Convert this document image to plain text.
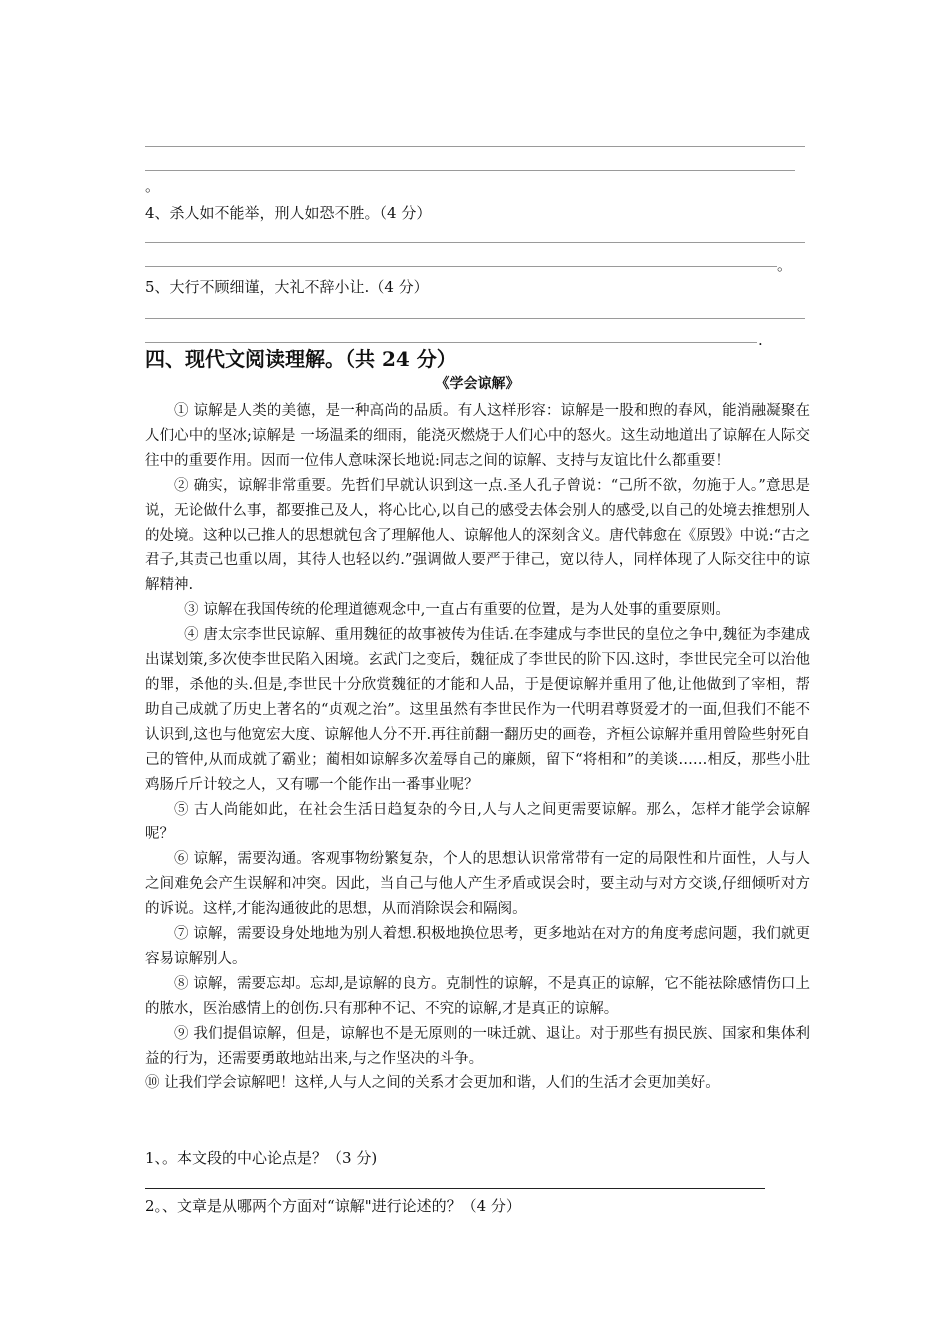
。
4、杀人如不能举，刑人如恐不胜。（4 分）
。
5、大行不顾细谨，大礼不辞小让.（4 分）
.
四、现代文阅读理解。（共 24 分）
《学会谅解》

① 谅解是人类的美德，是一种高尚的品质。有人这样形容：谅解是一股和煦的春风，能消融凝聚在人们心中的坚冰;谅解是 一场温柔的细雨，能浇灭燃烧于人们心中的怒火。这生动地道出了谅解在人际交往中的重要作用。因而一位伟人意味深长地说:同志之间的谅解、支持与友谊比什么都重要！

② 确实，谅解非常重要。先哲们早就认识到这一点.圣人孔子曾说：“己所不欲，勿施于人。”意思是说，无论做什么事，都要推己及人，将心比心,以自己的感受去体会别人的感受,以自己的处境去推想别人的处境。这种以己推人的思想就包含了理解他人、谅解他人的深刻含义。唐代韩愈在《原毁》中说:“古之君子,其责己也重以周，其待人也轻以约.”强调做人要严于律己，宽以待人，同样体现了人际交往中的谅解精神.

③ 谅解在我国传统的伦理道德观念中,一直占有重要的位置，是为人处事的重要原则。

④ 唐太宗李世民谅解、重用魏征的故事被传为佳话.在李建成与李世民的皇位之争中,魏征为李建成出谋划策,多次使李世民陷入困境。玄武门之变后，魏征成了李世民的阶下囚.这时，李世民完全可以治他的罪，杀他的头.但是,李世民十分欣赏魏征的才能和人品，于是便谅解并重用了他,让他做到了宰相，帮助自己成就了历史上著名的“贞观之治”。这里虽然有李世民作为一代明君尊贤爱才的一面,但我们不能不认识到,这也与他宽宏大度、谅解他人分不开.再往前翻一翻历史的画卷，齐桓公谅解并重用曾险些射死自己的管仲,从而成就了霸业；蔺相如谅解多次羞辱自己的廉颇，留下“将相和”的美谈……相反，那些小肚鸡肠斤斤计较之人，又有哪一个能作出一番事业呢？

⑤ 古人尚能如此，在社会生活日趋复杂的今日,人与人之间更需要谅解。那么，怎样才能学会谅解呢？

⑥ 谅解，需要沟通。客观事物纷繁复杂，个人的思想认识常常带有一定的局限性和片面性，人与人之间难免会产生误解和冲突。因此，当自己与他人产生矛盾或误会时，要主动与对方交谈,仔细倾听对方的诉说。这样,才能沟通彼此的思想，从而消除误会和隔阂。

⑦ 谅解，需要设身处地地为别人着想.积极地换位思考，更多地站在对方的角度考虑问题，我们就更容易谅解别人。

⑧ 谅解，需要忘却。忘却,是谅解的良方。克制性的谅解，不是真正的谅解，它不能祛除感情伤口上的脓水，医治感情上的创伤.只有那种不记、不究的谅解,才是真正的谅解。

⑨ 我们提倡谅解，但是，谅解也不是无原则的一味迁就、退让。对于那些有损民族、国家和集体利益的行为，还需要勇敢地站出来,与之作坚决的斗争。

⑩ 让我们学会谅解吧！这样,人与人之间的关系才会更加和谐，人们的生活才会更加美好。

1、。本文段的中心论点是？（3 分)
2。、文章是从哪两个方面对“谅解"进行论述的？（4 分）
